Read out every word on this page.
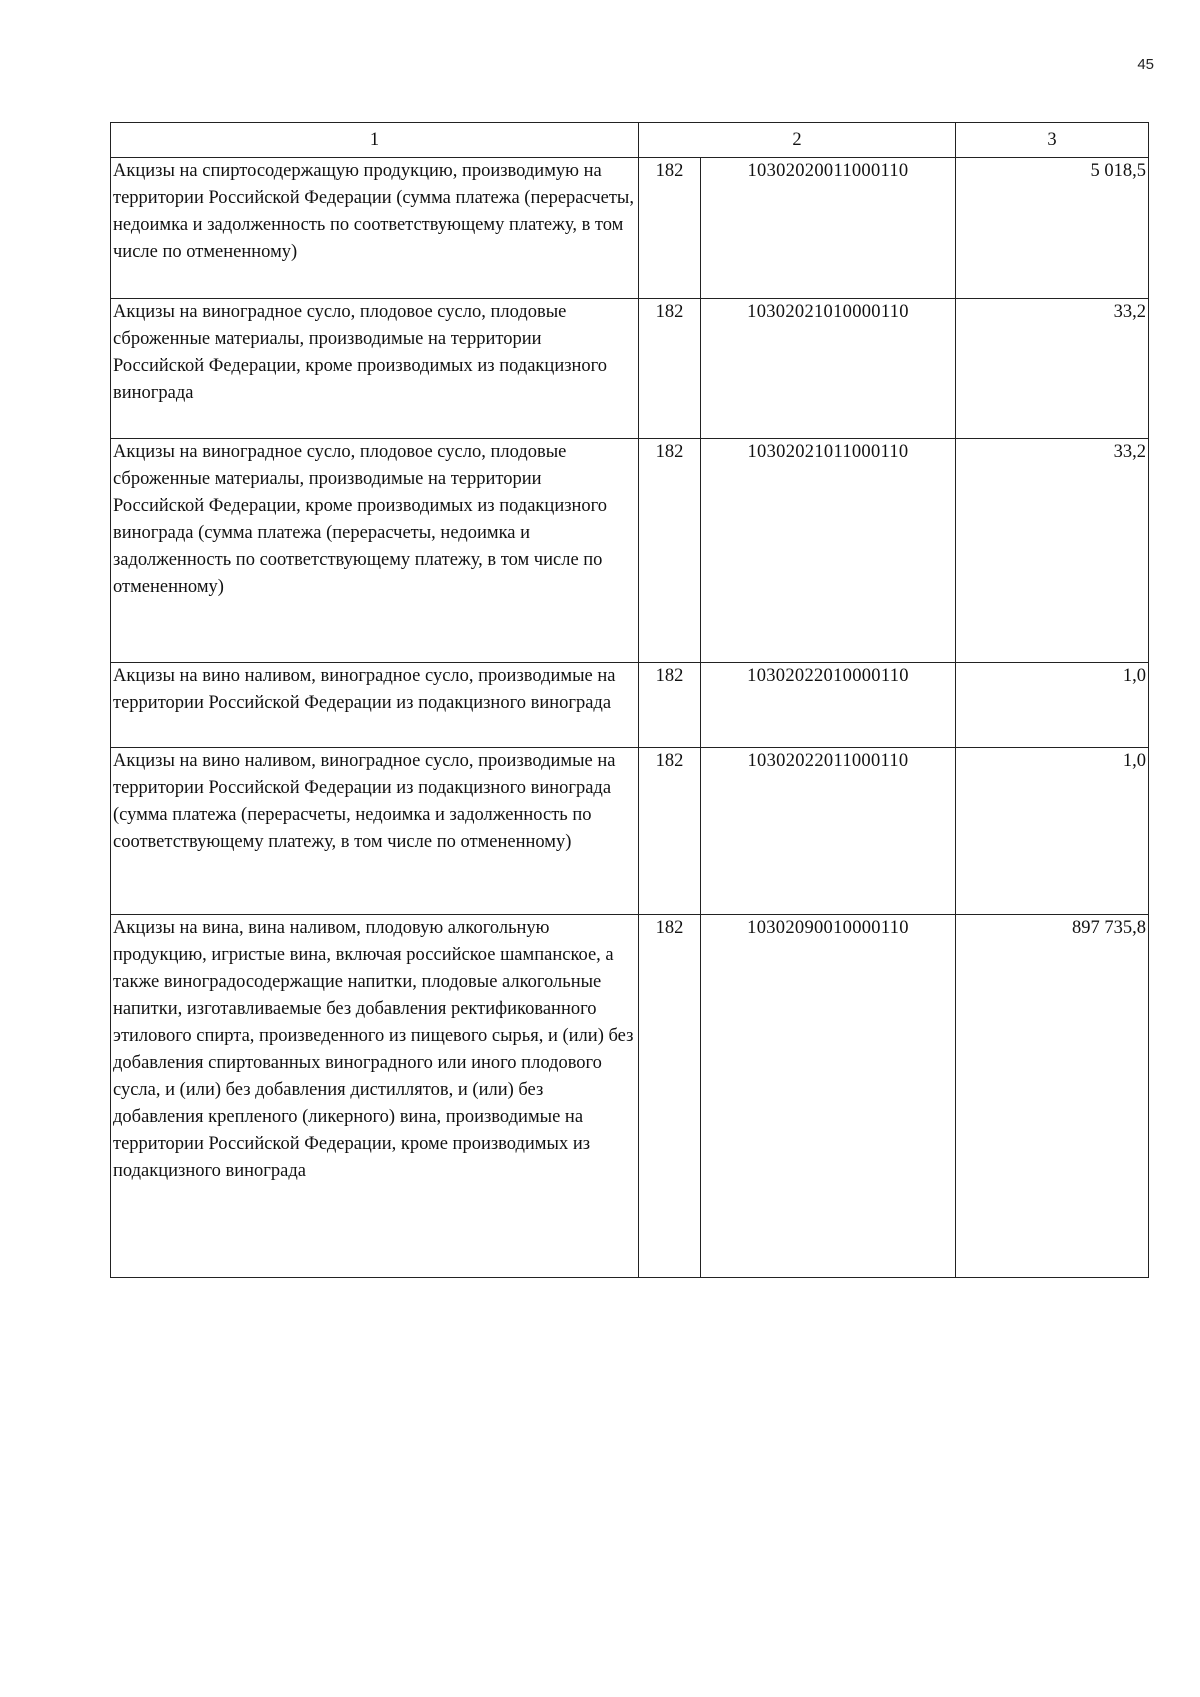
45
1	2		3
Акцизы на спиртосодержащую продукцию, производимую на территории Российской Федерации (сумма платежа (перерасчеты, недоимка и задолженность по соответствующему платежу, в том числе по отмененному)	182	10302020011000110	5 018,5
Акцизы на виноградное сусло, плодовое сусло, плодовые сброженные материалы, производимые на территории Российской Федерации, кроме производимых из подакцизного винограда	182	10302021010000110	33,2
Акцизы на виноградное сусло, плодовое сусло, плодовые сброженные материалы, производимые на территории Российской Федерации, кроме производимых из подакцизного винограда (сумма платежа (перерасчеты, недоимка и задолженность по соответствующему платежу, в том числе по отмененному)	182	10302021011000110	33,2
Акцизы на вино наливом, виноградное сусло, производимые на территории Российской Федерации из подакцизного винограда	182	10302022010000110	1,0
Акцизы на вино наливом, виноградное сусло, производимые на территории Российской Федерации из подакцизного винограда (сумма платежа (перерасчеты, недоимка и задолженность по соответствующему платежу, в том числе по отмененному)	182	10302022011000110	1,0
Акцизы на вина, вина наливом, плодовую алкогольную продукцию, игристые вина, включая российское шампанское, а также виноградосодержащие напитки, плодовые алкогольные напитки, изготавливаемые без добавления ректификованного этилового спирта, произведенного из пищевого сырья, и (или) без добавления спиртованных виноградного или иного плодового сусла, и (или) без добавления дистиллятов, и (или) без добавления крепленого (ликерного) вина, производимые на территории Российской Федерации, кроме производимых из подакцизного винограда	182	10302090010000110	897 735,8
